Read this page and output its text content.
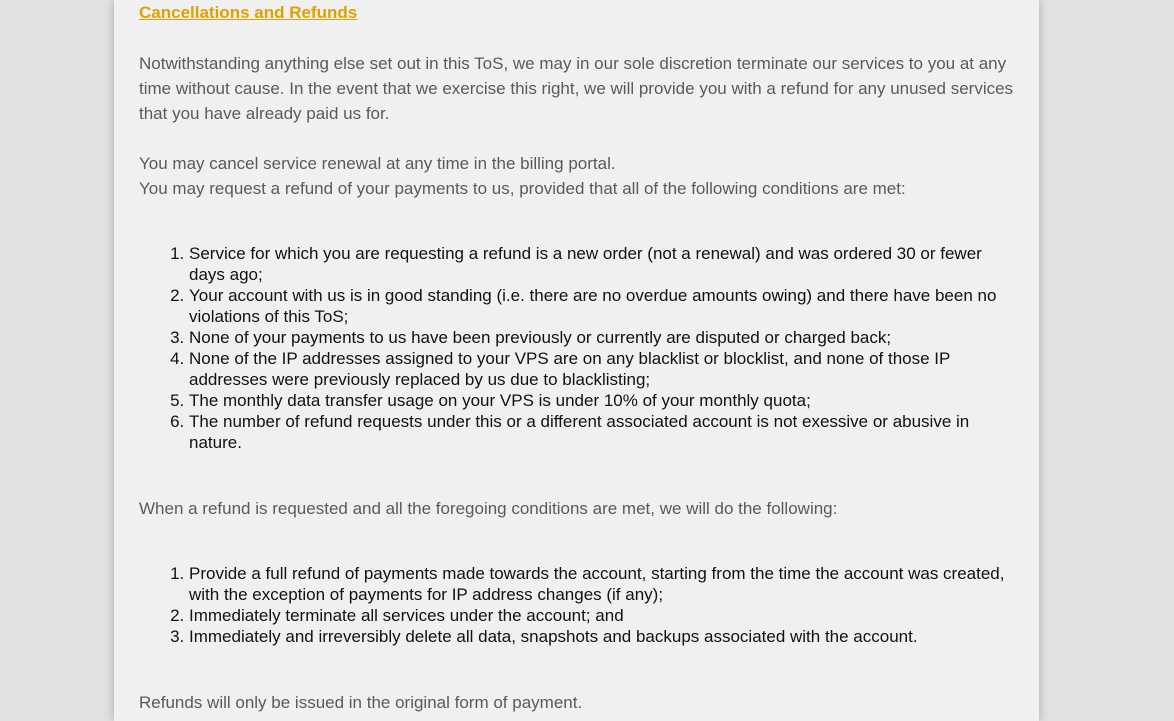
Cancellations and Refunds

Notwithstanding anything else set out in this ToS, we may in our sole discretion terminate our services to you at any time without cause. In the event that we exercise this right, we will provide you with a refund for any unused services that you have already paid us for.

You may cancel service renewal at any time in the billing portal.

You may request a refund of your payments to us, provided that all of the following conditions are met:

1. Service for which you are requesting a refund is a new order (not a renewal) and was ordered 30 or fewer days ago;
2. Your account with us is in good standing (i.e. there are no overdue amounts owing) and there have been no violations of this ToS;
3. None of your payments to us have been previously or currently are disputed or charged back;
4. None of the IP addresses assigned to your VPS are on any blacklist or blocklist, and none of those IP addresses were previously replaced by us due to blacklisting;
5. The monthly data transfer usage on your VPS is under 10% of your monthly quota;
6. The number of refund requests under this or a different associated account is not exessive or abusive in nature.

When a refund is requested and all the foregoing conditions are met, we will do the following:

1. Provide a full refund of payments made towards the account, starting from the time the account was created, with the exception of payments for IP address changes (if any);
2. Immediately terminate all services under the account; and
3. Immediately and irreversibly delete all data, snapshots and backups associated with the account.

Refunds will only be issued in the original form of payment.
